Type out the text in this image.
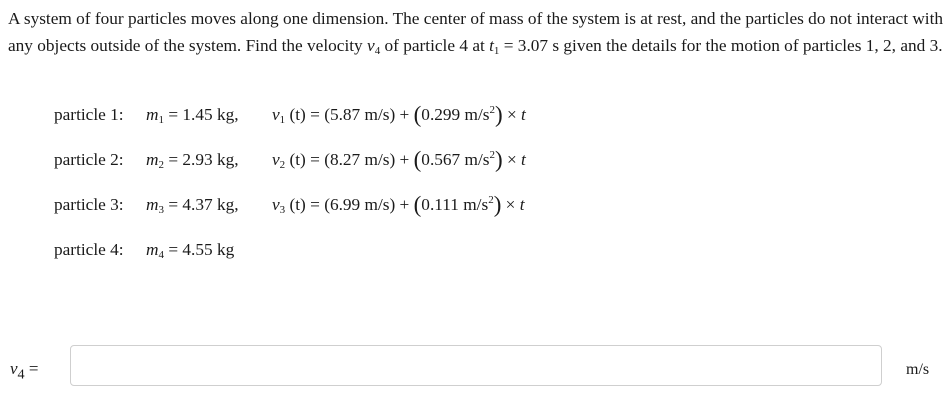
A system of four particles moves along one dimension. The center of mass of the system is at rest, and the particles do not interact with any objects outside of the system. Find the velocity $v_4$ of particle 4 at $t_1 = 3.07$ s given the details for the motion of particles 1, 2, and 3.
particle 1: $m_1 = 1.45$ kg, $v_1$ (t) = (5.87 m/s) + (0.299 $m/s^2) \times t$
particle 2: $m_2 = 2.93$ kg, $v_2$ (t) = (8.27 m/s) + (0.567 $m/s^2) \times t$
particle 3: $m_3 = 4.37$ kg, $v_3$ (t) = (6.99 m/s) + (0.111 $m/s^2) \times t$
particle 4: $m_4 = 4.55$ kg
$v_4$ =	m/s
